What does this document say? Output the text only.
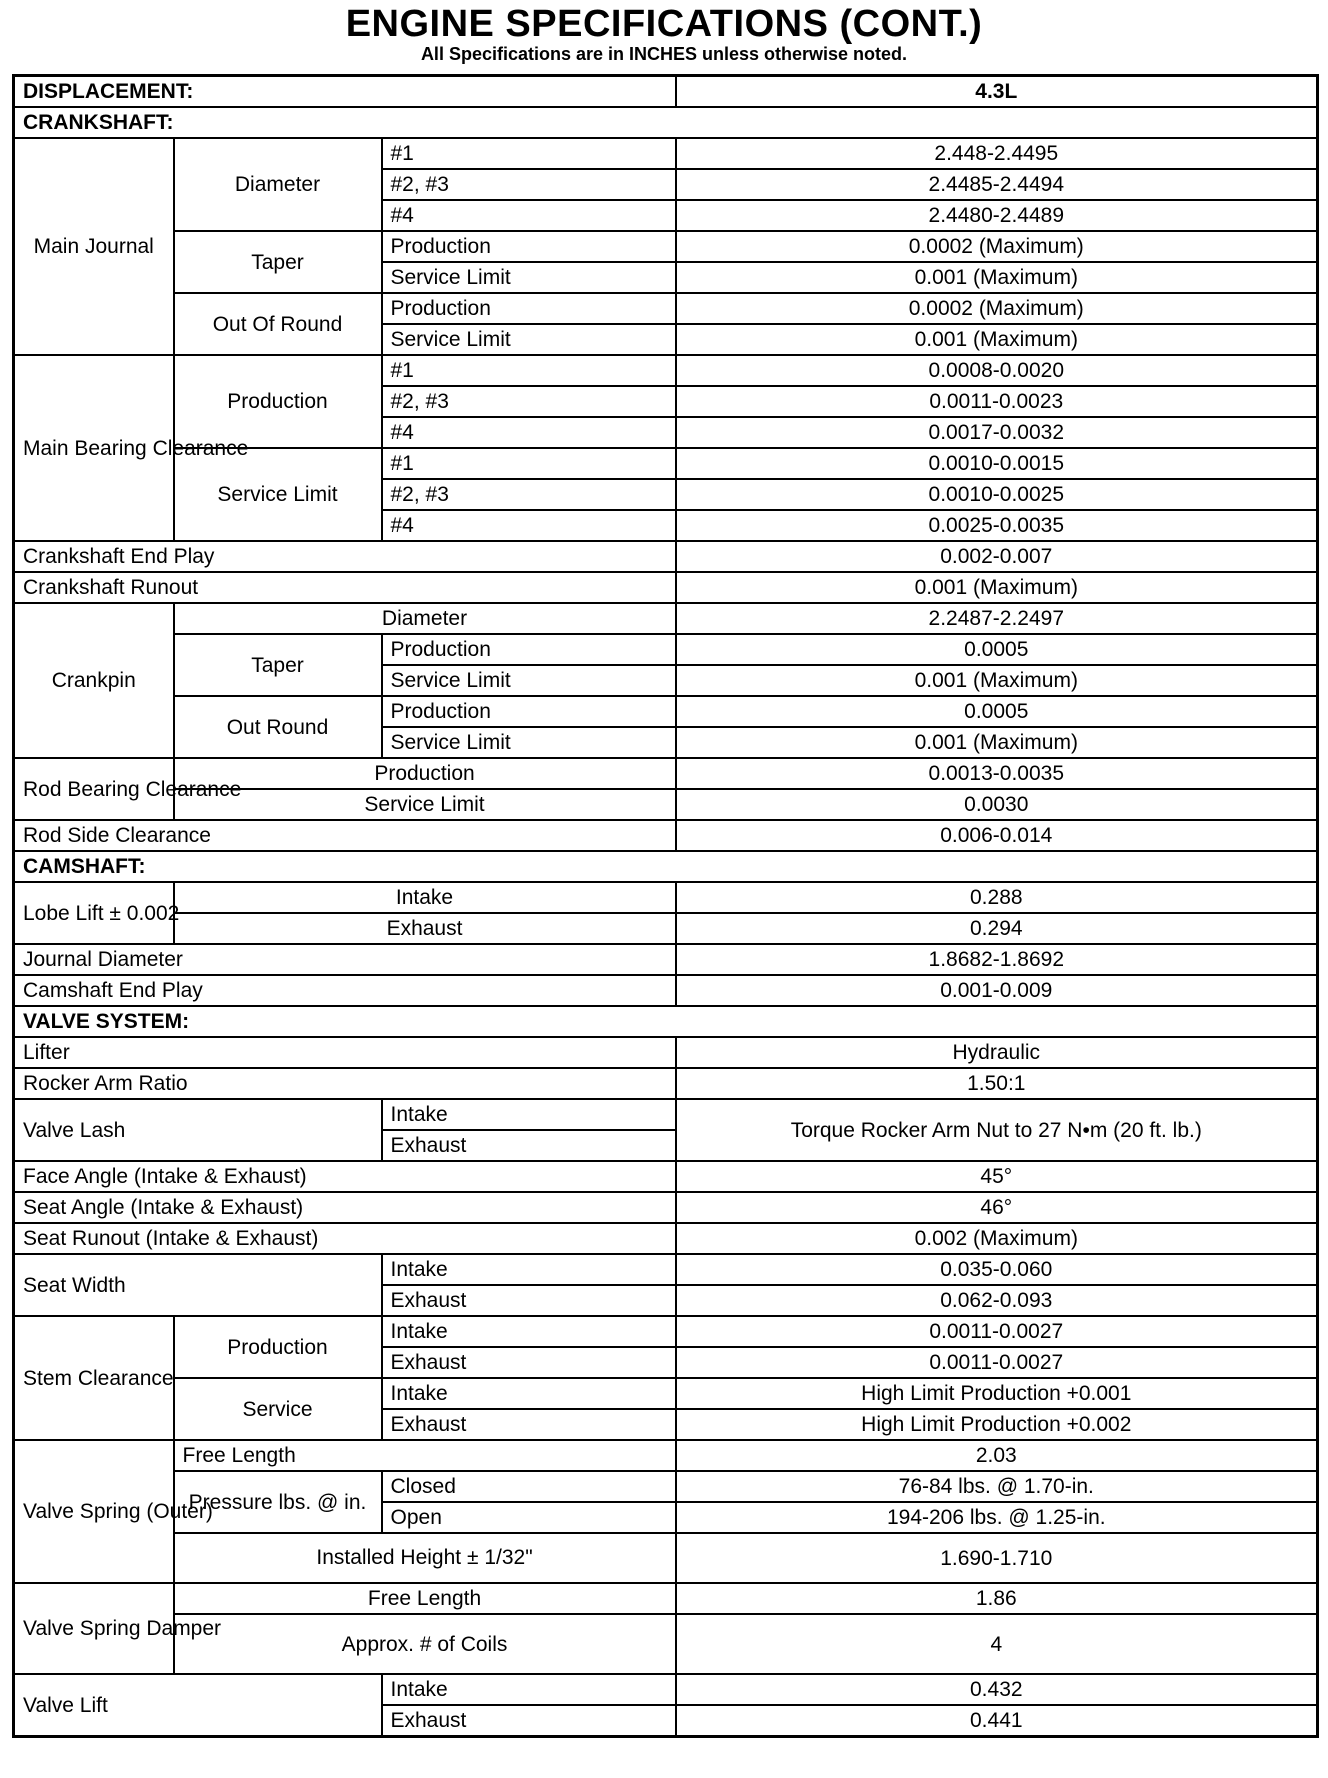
ENGINE SPECIFICATIONS (CONT.)
All Specifications are in INCHES unless otherwise noted.
DISPLACEMENT:			4.3L
CRANKSHAFT:			
Main Journal	Diameter	#1	2.448-2.4495
		#2, #3	2.4485-2.4494
		#4	2.4480-2.4489
	Taper	Production	0.0002 (Maximum)
		Service Limit	0.001 (Maximum)
	Out Of Round	Production	0.0002 (Maximum)
		Service Limit	0.001 (Maximum)
Main Bearing Clearance	Production	#1	0.0008-0.0020
		#2, #3	0.0011-0.0023
		#4	0.0017-0.0032
	Service Limit	#1	0.0010-0.0015
		#2, #3	0.0010-0.0025
		#4	0.0025-0.0035
Crankshaft End Play			0.002-0.007
Crankshaft Runout			0.001 (Maximum)
Crankpin	Diameter		2.2487-2.2497
	Taper	Production	0.0005
		Service Limit	0.001 (Maximum)
	Out Round	Production	0.0005
		Service Limit	0.001 (Maximum)
Rod Bearing Clearance	Production		0.0013-0.0035
	Service Limit		0.0030
Rod Side Clearance			0.006-0.014
CAMSHAFT:			
Lobe Lift ± 0.002	Intake		0.288
	Exhaust		0.294
Journal Diameter			1.8682-1.8692
Camshaft End Play			0.001-0.009
VALVE SYSTEM:			
Lifter			Hydraulic
Rocker Arm Ratio			1.50:1
Valve Lash		Intake	Torque Rocker Arm Nut to 27 N•m (20 ft. lb.)
		Exhaust	
Face Angle (Intake & Exhaust)			45°
Seat Angle (Intake & Exhaust)			46°
Seat Runout (Intake & Exhaust)			0.002 (Maximum)
Seat Width		Intake	0.035-0.060
		Exhaust	0.062-0.093
Stem Clearance	Production	Intake	0.0011-0.0027
		Exhaust	0.0011-0.0027
	Service	Intake	High Limit Production +0.001
		Exhaust	High Limit Production +0.002
Valve Spring (Outer)	Free Length		2.03
	Pressure lbs. @ in.	Closed	76-84 lbs. @ 1.70-in.
		Open	194-206 lbs. @ 1.25-in.
	Installed Height ± 1/32"		1.690-1.710
Valve Spring Damper	Free Length		1.86
	Approx. # of Coils		4
Valve Lift		Intake	0.432
		Exhaust	0.441
